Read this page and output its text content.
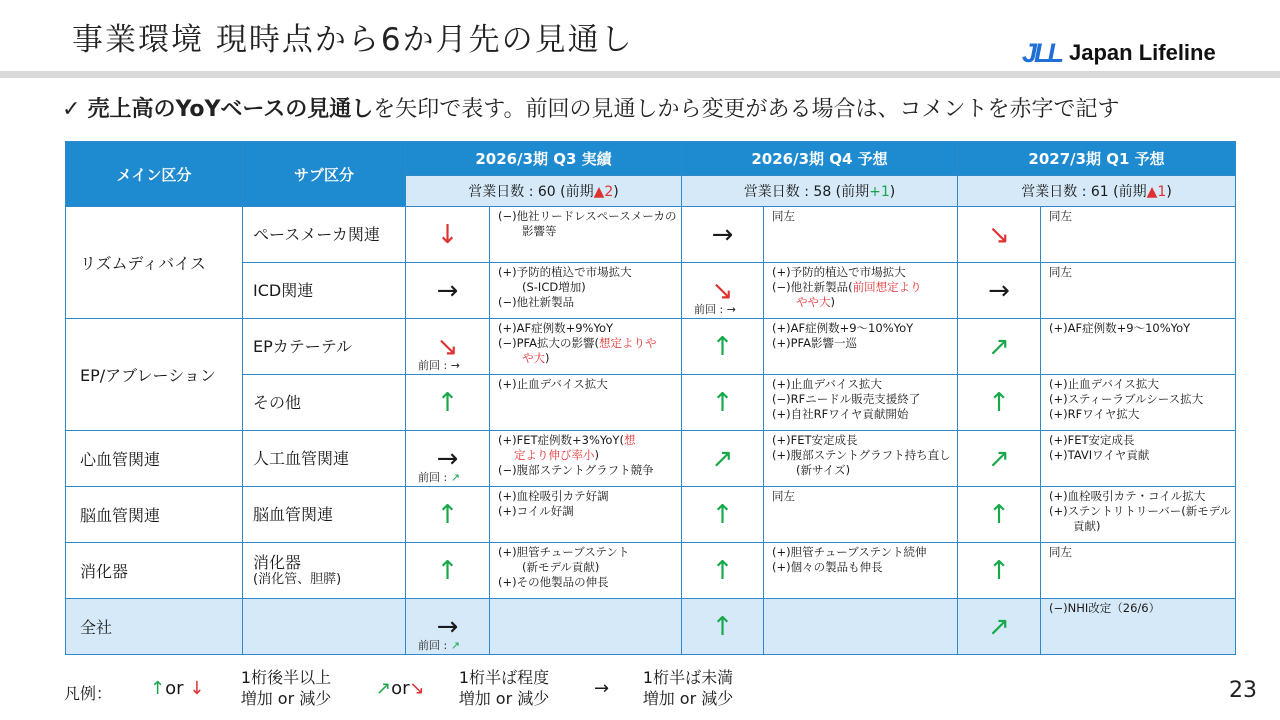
事業環境 現時点から6か月先の見通し	JLL Japan Lifeline
✓ 売上高のYoYベースの見通しを矢印で表す。前回の見通しから変更がある場合は、コメントを赤字で記す
メイン区分	サブ区分	2026/3期 Q3 実績		2026/3期 Q4 予想		2027/3期 Q1 予想	
		営業日数 : 60 (前期▲2)		営業日数 : 58 (前期+1)		営業日数 : 61 (前期▲1)	
リズムディバイス	ペースメーカ関連	↓	(−)他社リードレスペースメーカの
影響等	→	同左	↘	同左

	ICD関連	→	(+)予防的植込で市場拡大
(S-ICD増加)
(−)他社新製品	↘
前回 : →	(+)予防的植込で市場拡大
(−)他社新製品(前回想定より
やや大)	→	同左

EP/アブレーション	EPカテーテル	↘
前回 : →	(+)AF症例数+9%YoY
(−)PFA拡大の影響(想定よりや
や大)	↑	(+)AF症例数+9～10%YoY
(+)PFA影響一巡	↗	(+)AF症例数+9～10%YoY

	その他	↑	(+)止血デバイス拡大	↑	(+)止血デバイス拡大
(−)RFニードル販売支援終了
(+)自社RFワイヤ貢献開始	↑	(+)止血デバイス拡大
(+)スティーラブルシース拡大
(+)RFワイヤ拡大

心血管関連	人工血管関連	→
前回 : ↗	(+)FET症例数+3%YoY(想
定より伸び率小)
(−)腹部ステントグラフト競争	↗	(+)FET安定成長
(+)腹部ステントグラフト持ち直し
(新サイズ)	↗	(+)FET安定成長
(+)TAVIワイヤ貢献

脳血管関連	脳血管関連	↑	(+)血栓吸引カテ好調
(+)コイル好調	↑	同左	↑	(+)血栓吸引カテ・コイル拡大
(+)ステントリトリーバー(新モデル
貢献)

消化器	消化器
(消化管、胆膵)	↑	(+)胆管チューブステント
(新モデル貢献)
(+)その他製品の伸長	↑	(+)胆管チューブステント続伸
(+)個々の製品も伸長	↑	同左

全社		→
前回 : ↗		↑		↗	(−)NHI改定（26/6）
凡例： ↑or ↓
1桁後半以上
増加 or 減少	↗or↘
1桁半ば程度
増加 or 減少	→
1桁半ば未満
増加 or 減少	23
